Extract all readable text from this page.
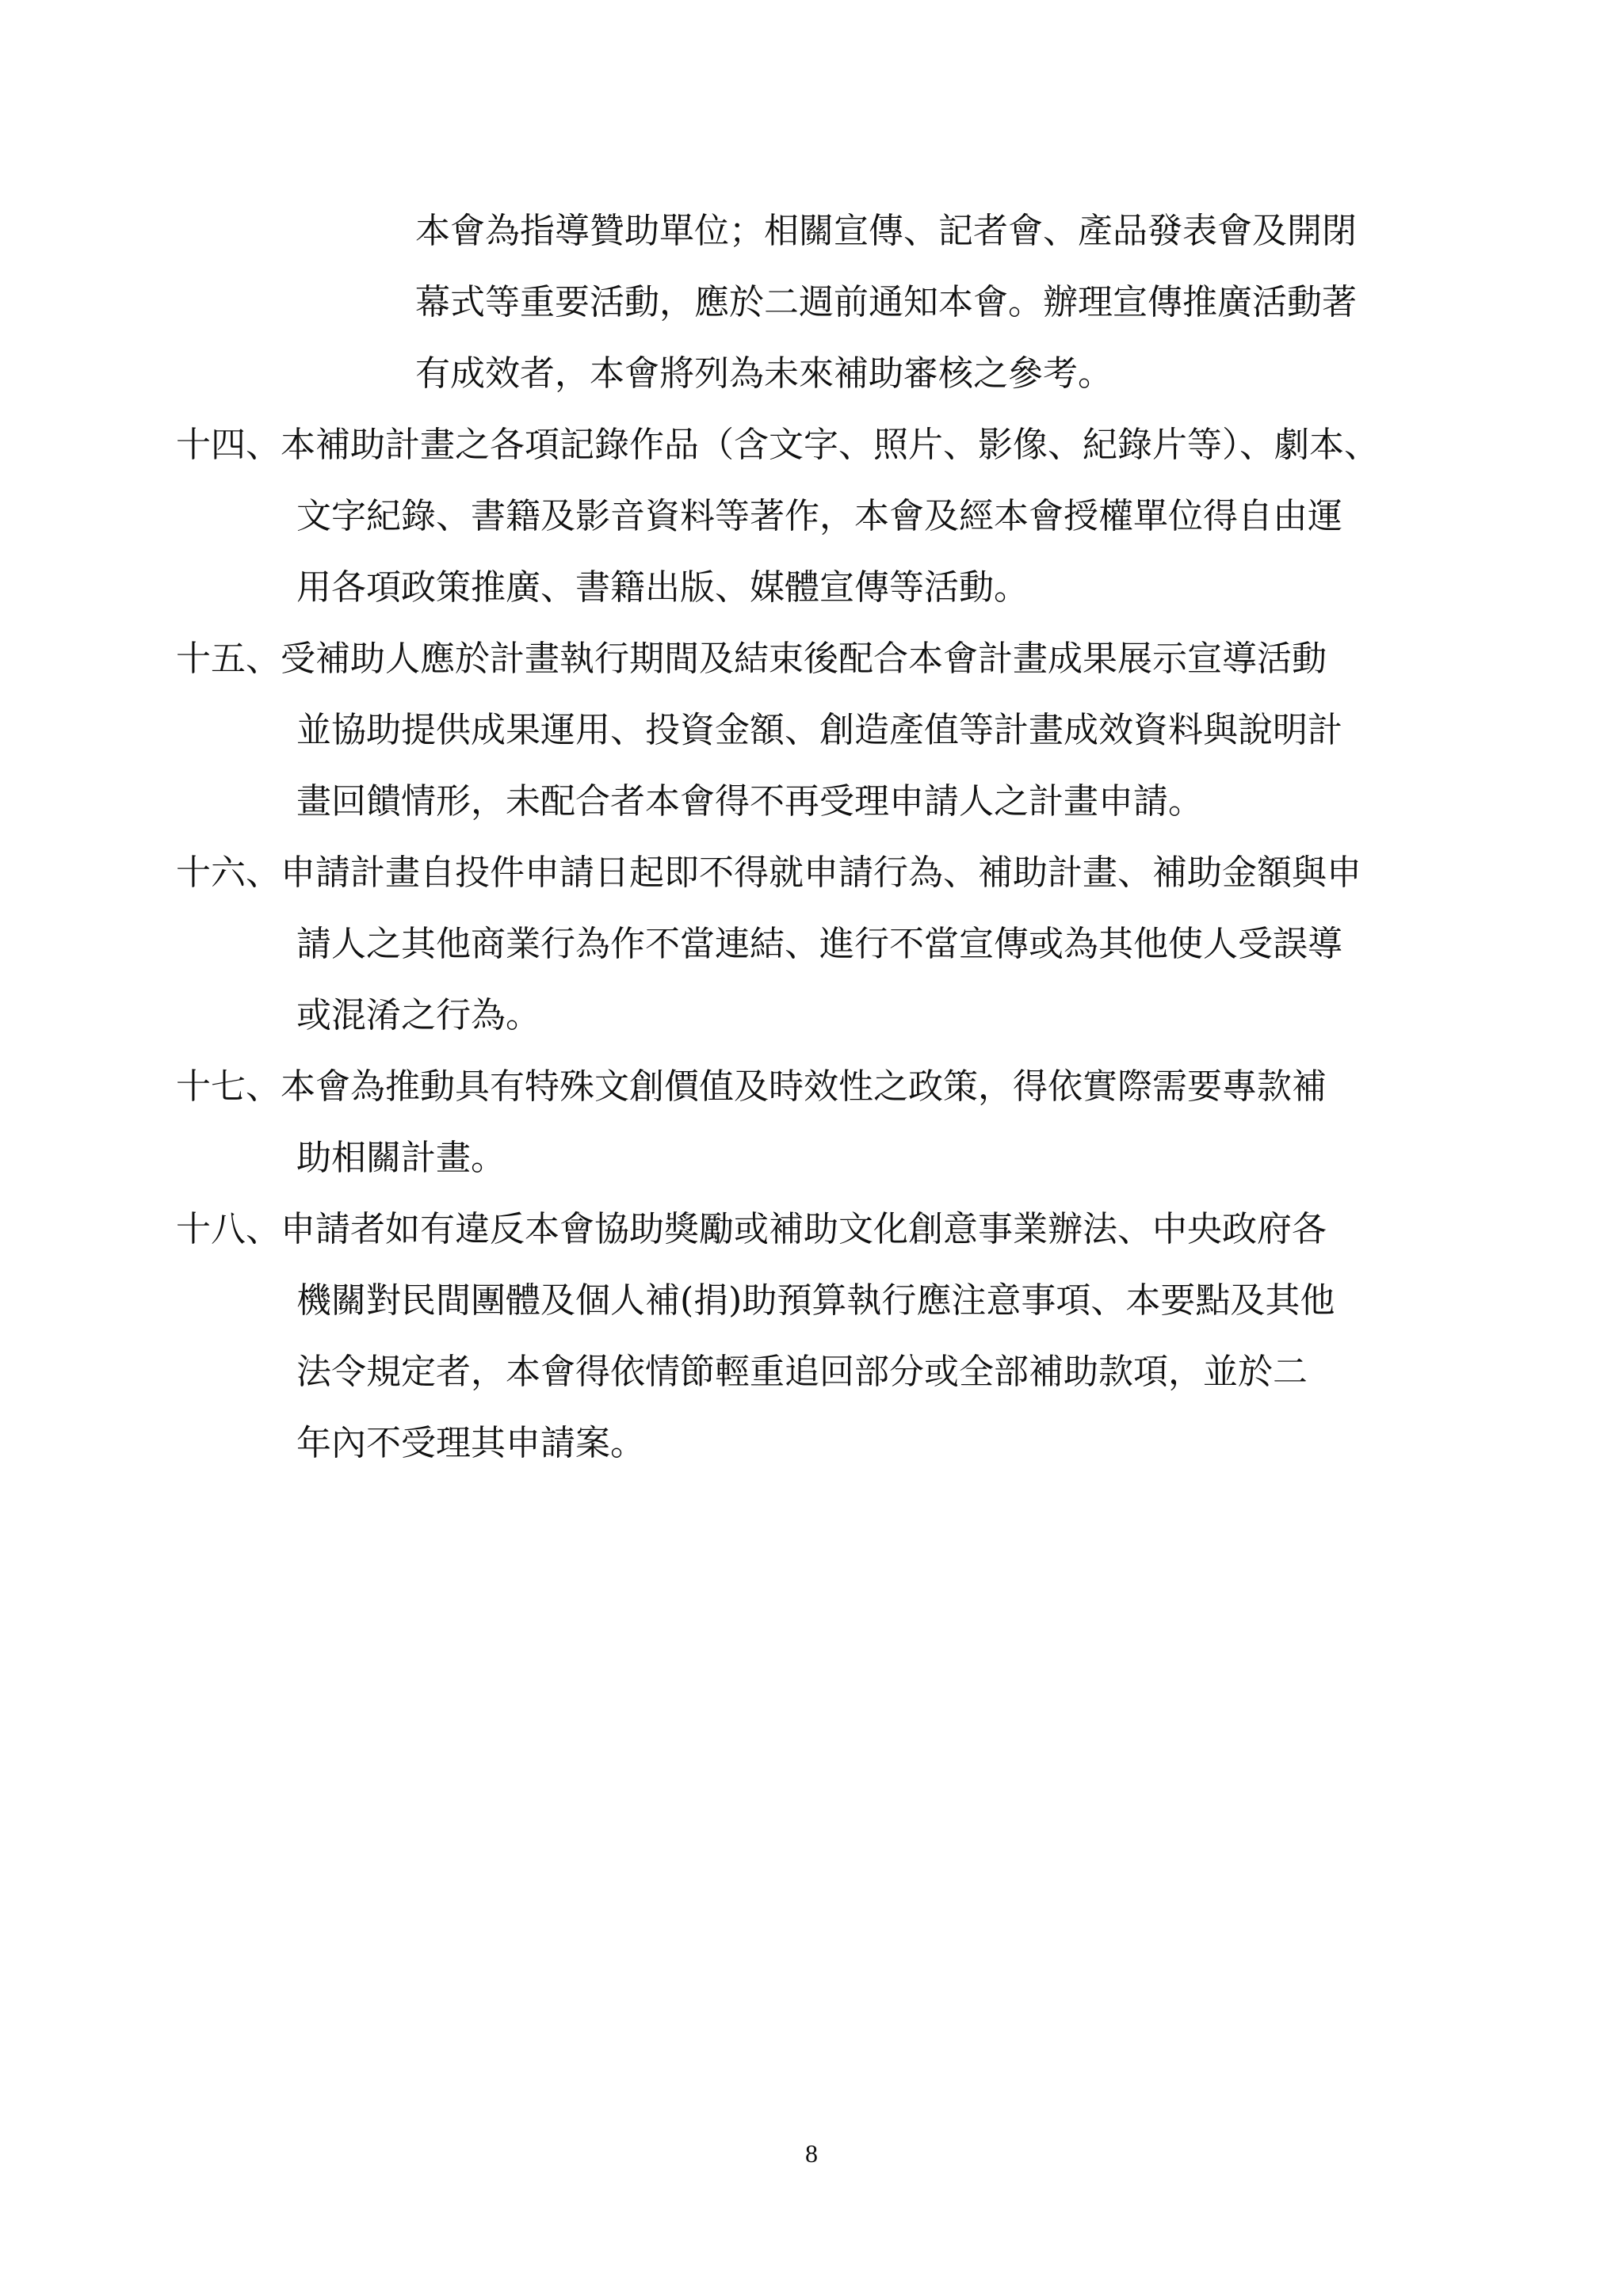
本會為指導贊助單位；相關宣傳、記者會、產品發表會及開閉
幕式等重要活動，應於二週前通知本會。辦理宣傳推廣活動著
有成效者，本會將列為未來補助審核之參考。
十四、本補助計畫之各項記錄作品（含文字、照片、影像、紀錄片等）、劇本、
文字紀錄、書籍及影音資料等著作，本會及經本會授權單位得自由運
用各項政策推廣、書籍出版、媒體宣傳等活動。
十五、受補助人應於計畫執行期間及結束後配合本會計畫成果展示宣導活動
並協助提供成果運用、投資金額、創造產值等計畫成效資料與說明計
畫回饋情形，未配合者本會得不再受理申請人之計畫申請。
十六、申請計畫自投件申請日起即不得就申請行為、補助計畫、補助金額與申
請人之其他商業行為作不當連結、進行不當宣傳或為其他使人受誤導
或混淆之行為。
十七、本會為推動具有特殊文創價值及時效性之政策，得依實際需要專款補
助相關計畫。
十八、申請者如有違反本會協助獎勵或補助文化創意事業辦法、中央政府各
機關對民間團體及個人補(捐)助預算執行應注意事項、本要點及其他
法令規定者，本會得依情節輕重追回部分或全部補助款項，並於二
年內不受理其申請案。
8
